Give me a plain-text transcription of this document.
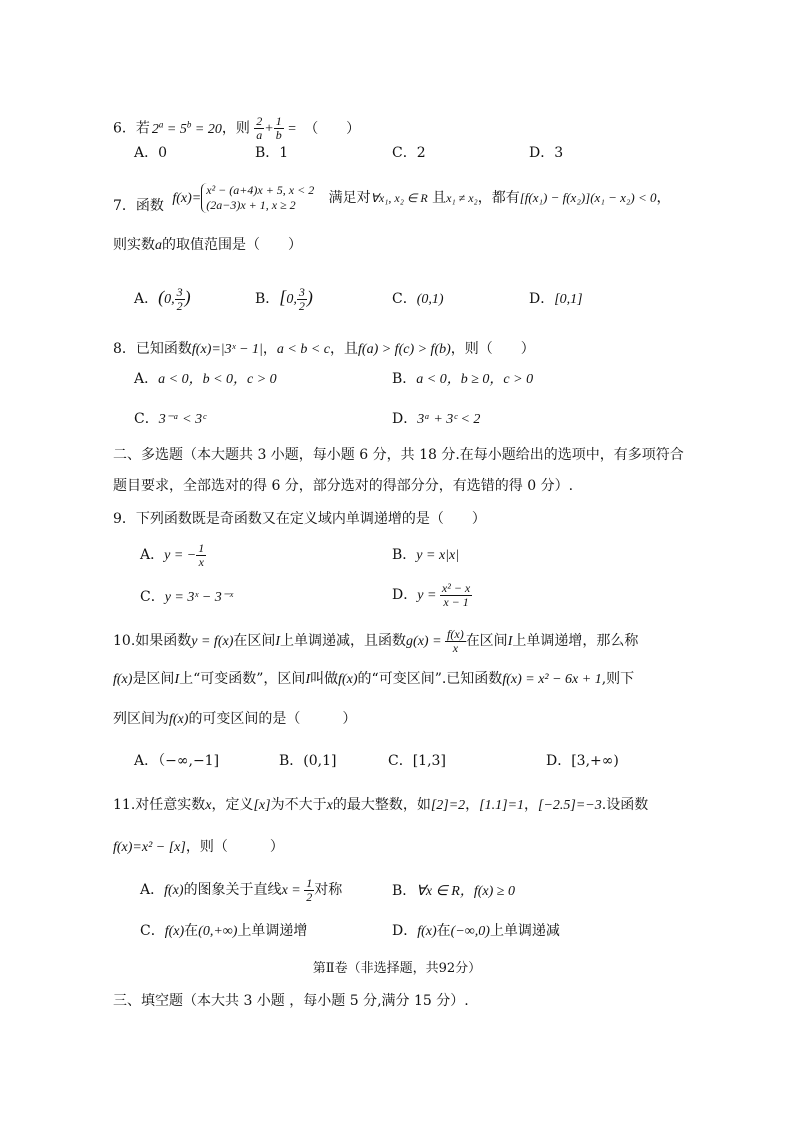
6．若 $2^a = 5^b = 20$，则 $\frac{2}{a} + \frac{1}{b}$ = （　　）
A．0	B．1	C．2	D．3
7．函数 f(x)=
x² − (a+4)x + 5, x < 2
(2a−3)x + 1, x ≥ 2	满足对∀x₁, x₂ ∈ R 且x₁ ≠ x₂，都有[f(x₁) − f(x₂)](x₁ − x₂) < 0，
则实数a的取值范围是（　　）
A．(0, $\frac{3}{2}$ )	B．[0, $\frac{3}{2}$ )	C．(0,1)	D．[0,1]
8．已知函数f(x)=|3ˣ − 1|，a < b < c，且f(a) > f(c) > f(b)，则（　　）
A．a < 0，b < 0，c > 0	B．a < 0，b ≥ 0，c > 0
C．3⁻ᵃ < 3ᶜ	D．3ᵃ + 3ᶜ < 2
二、多选题（本大题共 3 小题，每小题 6 分，共 18 分.在每小题给出的选项中，有多项符合
题目要求，全部选对的得 6 分，部分选对的得部分分，有选错的得 0 分）.
9．下列函数既是奇函数又在定义域内单调递增的是（　　）
A．y = − $\frac{1}{x}$	B．y = x|x|
C．y = 3ˣ − 3⁻ˣ	D．$y = \frac{\text{x² − x}}{x - 1}$
10.如果函数y = f(x)在区间I上单调递减，且函数$g(x) = \frac{f(x)}{x}$ 在区间I上单调递增，那么称
f(x)是区间I上“可变函数”，区间I叫做f(x)的“可变区间”.已知函数f(x) = x² − 6x + 1,则下
列区间为f(x)的可变区间的是（　　　）
A．（−∞,−1]	B．(0,1]	C．[1,3]	D．[3,+∞)
11.对任意实数x，定义[x]为不大于x的最大整数，如[2]=2，[1.1]=1，[−2.5]=−3.设函数
f(x)=x² − [x]，则（　　　）
A．f(x)的图象关于直线$x = \frac{1}{2}$ 对称	B．∀x ∈ R，f(x) ≥ 0
C．f(x)在(0,+∞)上单调递增	D．f(x)在(−∞,0)上单调递减
第Ⅱ卷（非选择题，共92分）
三、填空题（本大共 3 小题 ，每小题 5 分,满分 15 分）.
